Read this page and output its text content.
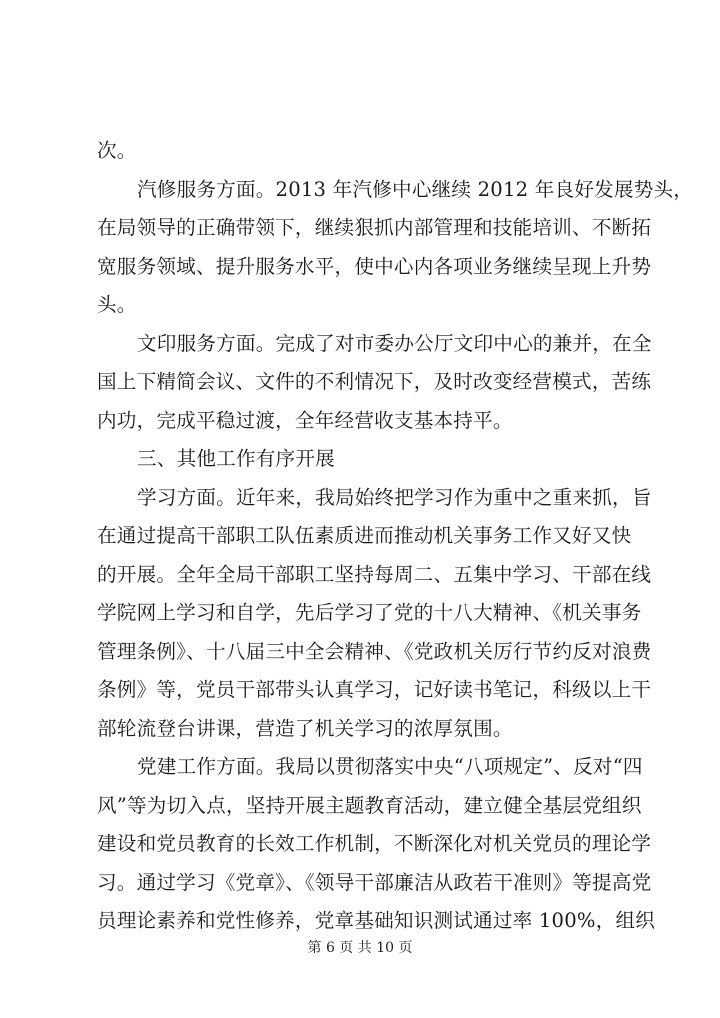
次。
汽修服务方面。2013 年汽修中心继续 2012 年良好发展势头，
在局领导的正确带领下，继续狠抓内部管理和技能培训、不断拓
宽服务领域、提升服务水平，使中心内各项业务继续呈现上升势
头。
文印服务方面。完成了对市委办公厅文印中心的兼并，在全
国上下精简会议、文件的不利情况下，及时改变经营模式，苦练
内功，完成平稳过渡，全年经营收支基本持平。
三、其他工作有序开展
学习方面。近年来，我局始终把学习作为重中之重来抓，旨
在通过提高干部职工队伍素质进而推动机关事务工作又好又快
的开展。全年全局干部职工坚持每周二、五集中学习、干部在线
学院网上学习和自学，先后学习了党的十八大精神、《机关事务
管理条例》、十八届三中全会精神、《党政机关厉行节约反对浪费
条例》等，党员干部带头认真学习，记好读书笔记，科级以上干
部轮流登台讲课，营造了机关学习的浓厚氛围。
党建工作方面。我局以贯彻落实中央“八项规定”、反对“四
风”等为切入点，坚持开展主题教育活动，建立健全基层党组织
建设和党员教育的长效工作机制，不断深化对机关党员的理论学
习。通过学习《党章》、《领导干部廉洁从政若干准则》等提高党
员理论素养和党性修养，党章基础知识测试通过率 100%，组织
第 6 页 共 10 页
